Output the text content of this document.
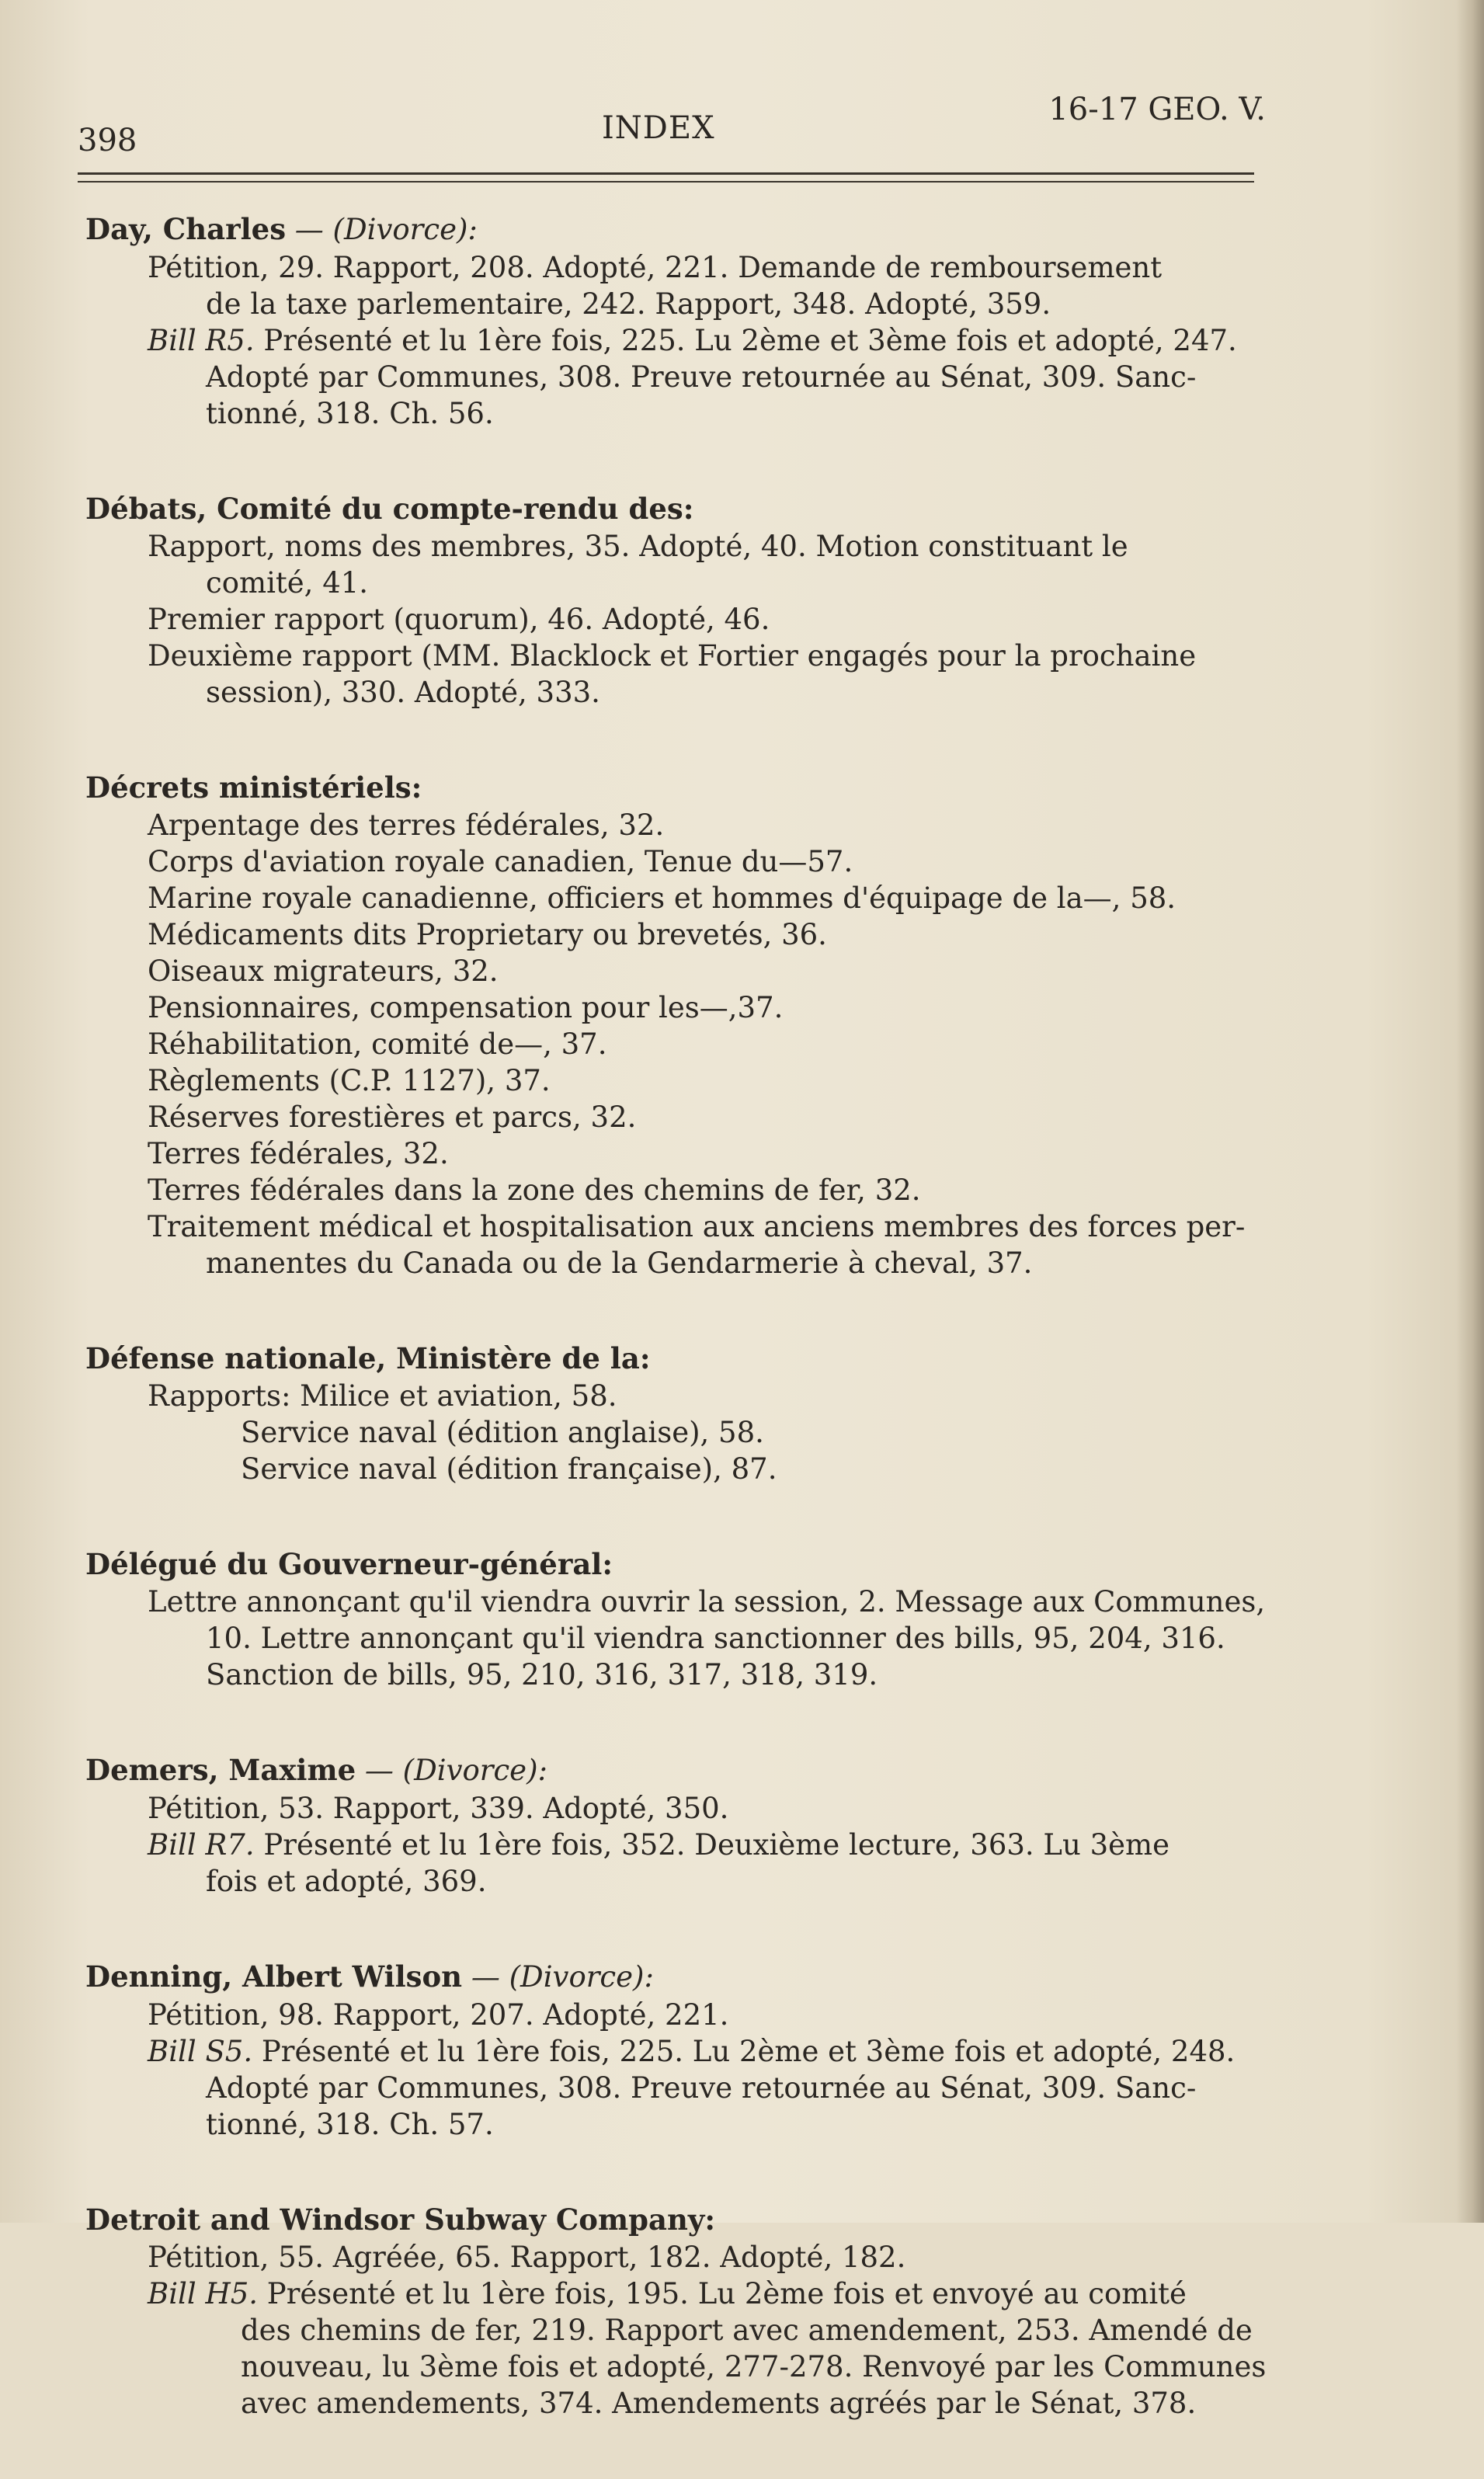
398	INDEX
16-17 GEO. V.
Day, Charles — (Divorce):
Pétition, 29. Rapport, 208. Adopté, 221. Demande de remboursement
de la taxe parlementaire, 242. Rapport, 348. Adopté, 359.
Bill R5. Présenté et lu 1ère fois, 225. Lu 2ème et 3ème fois et adopté, 247.
Adopté par Communes, 308. Preuve retournée au Sénat, 309. Sanc-
tionné, 318. Ch. 56.
Débats, Comité du compte-rendu des:
Rapport, noms des membres, 35. Adopté, 40. Motion constituant le
comité, 41.
Premier rapport (quorum), 46. Adopté, 46.
Deuxième rapport (MM. Blacklock et Fortier engagés pour la prochaine
session), 330. Adopté, 333.
Décrets ministériels:
Arpentage des terres fédérales, 32.
Corps d'aviation royale canadien, Tenue du—57.
Marine royale canadienne, officiers et hommes d'équipage de la—, 58.
Médicaments dits Proprietary ou brevetés, 36.
Oiseaux migrateurs, 32.
Pensionnaires, compensation pour les—,37.
Réhabilitation, comité de—, 37.
Règlements (C.P. 1127), 37.
Réserves forestières et parcs, 32.
Terres fédérales, 32.
Terres fédérales dans la zone des chemins de fer, 32.
Traitement médical et hospitalisation aux anciens membres des forces per-
manentes du Canada ou de la Gendarmerie à cheval, 37.
Défense nationale, Ministère de la:
Rapports: Milice et aviation, 58.
Service naval (édition anglaise), 58.
Service naval (édition française), 87.
Délégué du Gouverneur-général:
Lettre annonçant qu'il viendra ouvrir la session, 2. Message aux Communes,
10. Lettre annonçant qu'il viendra sanctionner des bills, 95, 204, 316.
Sanction de bills, 95, 210, 316, 317, 318, 319.
Demers, Maxime — (Divorce):
Pétition, 53. Rapport, 339. Adopté, 350.
Bill R7. Présenté et lu 1ère fois, 352. Deuxième lecture, 363. Lu 3ème
fois et adopté, 369.
Denning, Albert Wilson — (Divorce):
Pétition, 98. Rapport, 207. Adopté, 221.
Bill S5. Présenté et lu 1ère fois, 225. Lu 2ème et 3ème fois et adopté, 248.
Adopté par Communes, 308. Preuve retournée au Sénat, 309. Sanc-
tionné, 318. Ch. 57.
Detroit and Windsor Subway Company:
Pétition, 55. Agréée, 65. Rapport, 182. Adopté, 182.
Bill H5. Présenté et lu 1ère fois, 195. Lu 2ème fois et envoyé au comité
des chemins de fer, 219. Rapport avec amendement, 253. Amendé de
nouveau, lu 3ème fois et adopté, 277-278. Renvoyé par les Communes
avec amendements, 374. Amendements agréés par le Sénat, 378.
